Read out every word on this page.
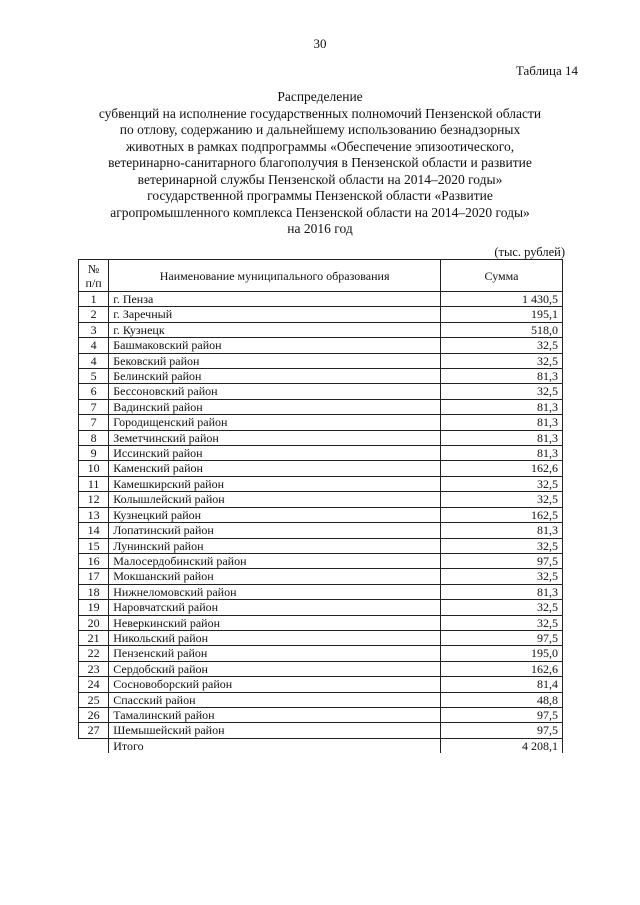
30
Таблица 14
Распределение
субвенций на исполнение государственных полномочий Пензенской области
по отлову, содержанию и дальнейшему использованию безнадзорных
животных в рамках подпрограммы «Обеспечение эпизоотического,
ветеринарно-санитарного благополучия в Пензенской области и развитие
ветеринарной службы Пензенской области на 2014–2020 годы»
государственной программы Пензенской области «Развитие
агропромышленного комплекса Пензенской области на 2014–2020 годы»
на 2016 год
(тыс. рублей)
№
п/п	Наименование муниципального образования	Сумма
1	г. Пенза	1 430,5
2	г. Заречный	195,1
3	г. Кузнецк	518,0
4	Башмаковский район	32,5
4	Бековский район	32,5
5	Белинский район	81,3
6	Бессоновский район	32,5
7	Вадинский район	81,3
7	Городищенский район	81,3
8	Земетчинский район	81,3
9	Иссинский район	81,3
10	Каменский район	162,6
11	Камешкирский район	32,5
12	Колышлейский район	32,5
13	Кузнецкий район	162,5
14	Лопатинский район	81,3
15	Лунинский район	32,5
16	Малосердобинский район	97,5
17	Мокшанский район	32,5
18	Нижнеломовский район	81,3
19	Наровчатский район	32,5
20	Неверкинский район	32,5
21	Никольский район	97,5
22	Пензенский район	195,0
23	Сердобский район	162,6
24	Сосновоборский район	81,4
25	Спасский район	48,8
26	Тамалинский район	97,5
27	Шемышейский район	97,5
	Итого	4 208,1
